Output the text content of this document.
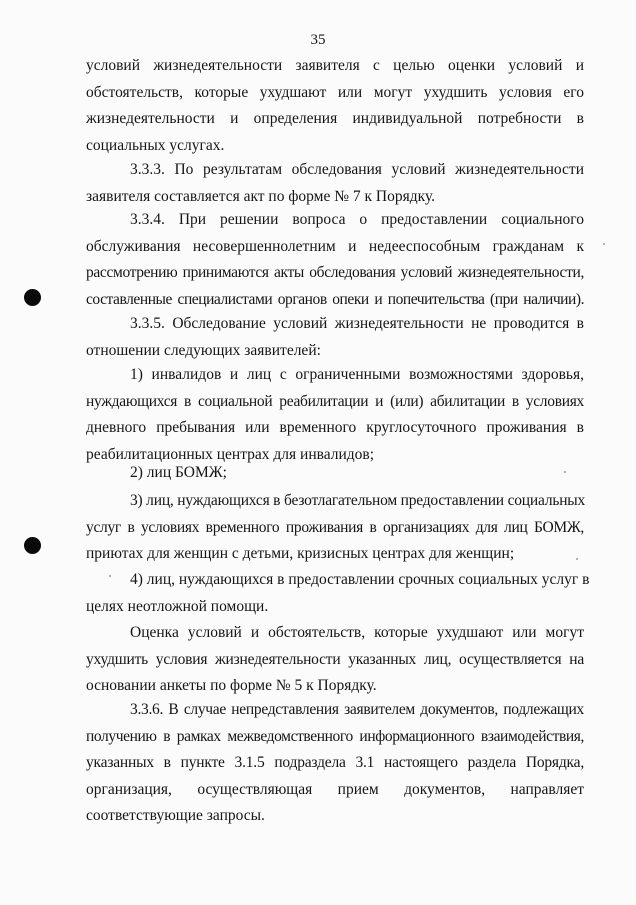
35
условий жизнедеятельности заявителя с целью оценки условий и
обстоятельств, которые ухудшают или могут ухудшить условия его
жизнедеятельности и определения индивидуальной потребности в
социальных услугах.
3.3.3. По результатам обследования условий жизнедеятельности
заявителя составляется акт по форме № 7 к Порядку.
3.3.4. При решении вопроса о предоставлении социального
обслуживания несовершеннолетним и недееспособным гражданам к
рассмотрению принимаются акты обследования условий жизнедеятельности,
составленные специалистами органов опеки и попечительства (при наличии).
3.3.5. Обследование условий жизнедеятельности не проводится в
отношении следующих заявителей:
1) инвалидов и лиц с ограниченными возможностями здоровья,
нуждающихся в социальной реабилитации и (или) абилитации в условиях
дневного пребывания или временного круглосуточного проживания в
реабилитационных центрах для инвалидов;
2) лиц БОМЖ;
3) лиц, нуждающихся в безотлагательном предоставлении социальных
услуг в условиях временного проживания в организациях для лиц БОМЖ,
приютах для женщин с детьми, кризисных центрах для женщин;
4) лиц, нуждающихся в предоставлении срочных социальных услуг в
целях неотложной помощи.
Оценка условий и обстоятельств, которые ухудшают или могут
ухудшить условия жизнедеятельности указанных лиц, осуществляется на
основании анкеты по форме № 5 к Порядку.
3.3.6. В случае непредставления заявителем документов, подлежащих
получению в рамках межведомственного информационного взаимодействия,
указанных в пункте 3.1.5 подраздела 3.1 настоящего раздела Порядка,
организация, осуществляющая прием документов, направляет
соответствующие запросы.
